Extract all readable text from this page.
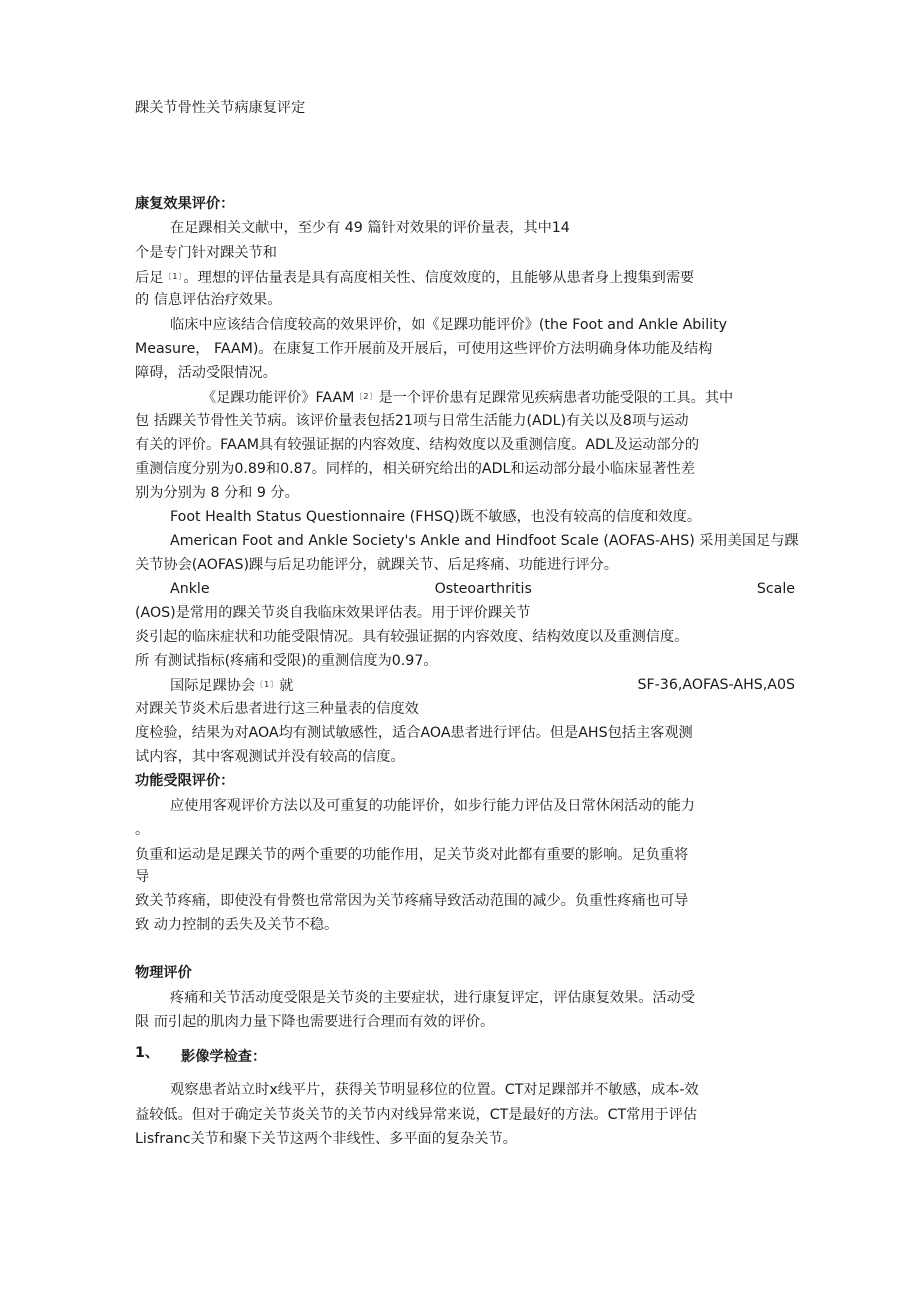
踝关节骨性关节病康复评定
康复效果评价：
在足踝相关文献中，至少有 49 篇针对效果的评价量表，其中14
个是专门针对踝关节和
后足$^{〔1〕}$。理想的评估量表是具有高度相关性、信度效度的，且能够从患者身上搜集到需要
的 信息评估治疗效果。
临床中应该结合信度较高的效果评价，如《足踝功能评价》(the Foot and Ankle Ability
Measure， FAAM)。在康复工作开展前及开展后，可使用这些评价方法明确身体功能及结构
障碍，活动受限情况。
《足踝功能评价》FAAM$^{〔2〕}$是一个评价患有足踝常见疾病患者功能受限的工具。其中
包 括踝关节骨性关节病。该评价量表包括21项与日常生活能力(ADL)有关以及8项与运动
有关的评价。FAAM具有较强证据的内容效度、结构效度以及重测信度。ADL及运动部分的
重测信度分别为0.89和0.87。同样的，相关研究给出的ADL和运动部分最小临床显著性差
别为分别为 8 分和 9 分。
Foot Health Status Questionnaire (FHSQ)既不敏感，也没有较高的信度和效度。
American Foot and Ankle Society's Ankle and Hindfoot Scale (AOFAS-AHS) 采用美国足与踝
关节协会(AOFAS)踝与后足功能评分，就踝关节、后足疼痛、功能进行评分。
Ankle	Osteoarthritis	Scale
(AOS)是常用的踝关节炎自我临床效果评估表。用于评价踝关节
炎引起的临床症状和功能受限情况。具有较强证据的内容效度、结构效度以及重测信度。
所 有测试指标(疼痛和受限)的重测信度为0.97。
国际足踝协会$^{〔1〕}$就	SF-36,AOFAS-AHS,A0S
对踝关节炎术后患者进行这三种量表的信度效
度检验，结果为对AOA均有测试敏感性，适合AOA患者进行评估。但是AHS包括主客观测
试内容，其中客观测试并没有较高的信度。
功能受限评价：
应使用客观评价方法以及可重复的功能评价，如步行能力评估及日常休闲活动的能力
。
负重和运动是足踝关节的两个重要的功能作用，足关节炎对此都有重要的影响。足负重将
导
致关节疼痛，即使没有骨赘也常常因为关节疼痛导致活动范围的减少。负重性疼痛也可导
致 动力控制的丢失及关节不稳。
物理评价
疼痛和关节活动度受限是关节炎的主要症状，进行康复评定，评估康复效果。活动受
限 而引起的肌肉力量下降也需要进行合理而有效的评价。
1、 影像学检查：
观察患者站立时x线平片，获得关节明显移位的位置。CT对足踝部并不敏感，成本-效
益较低。但对于确定关节炎关节的关节内对线异常来说，CT是最好的方法。CT常用于评估
Lisfranc关节和聚下关节这两个非线性、多平面的复杂关节。
